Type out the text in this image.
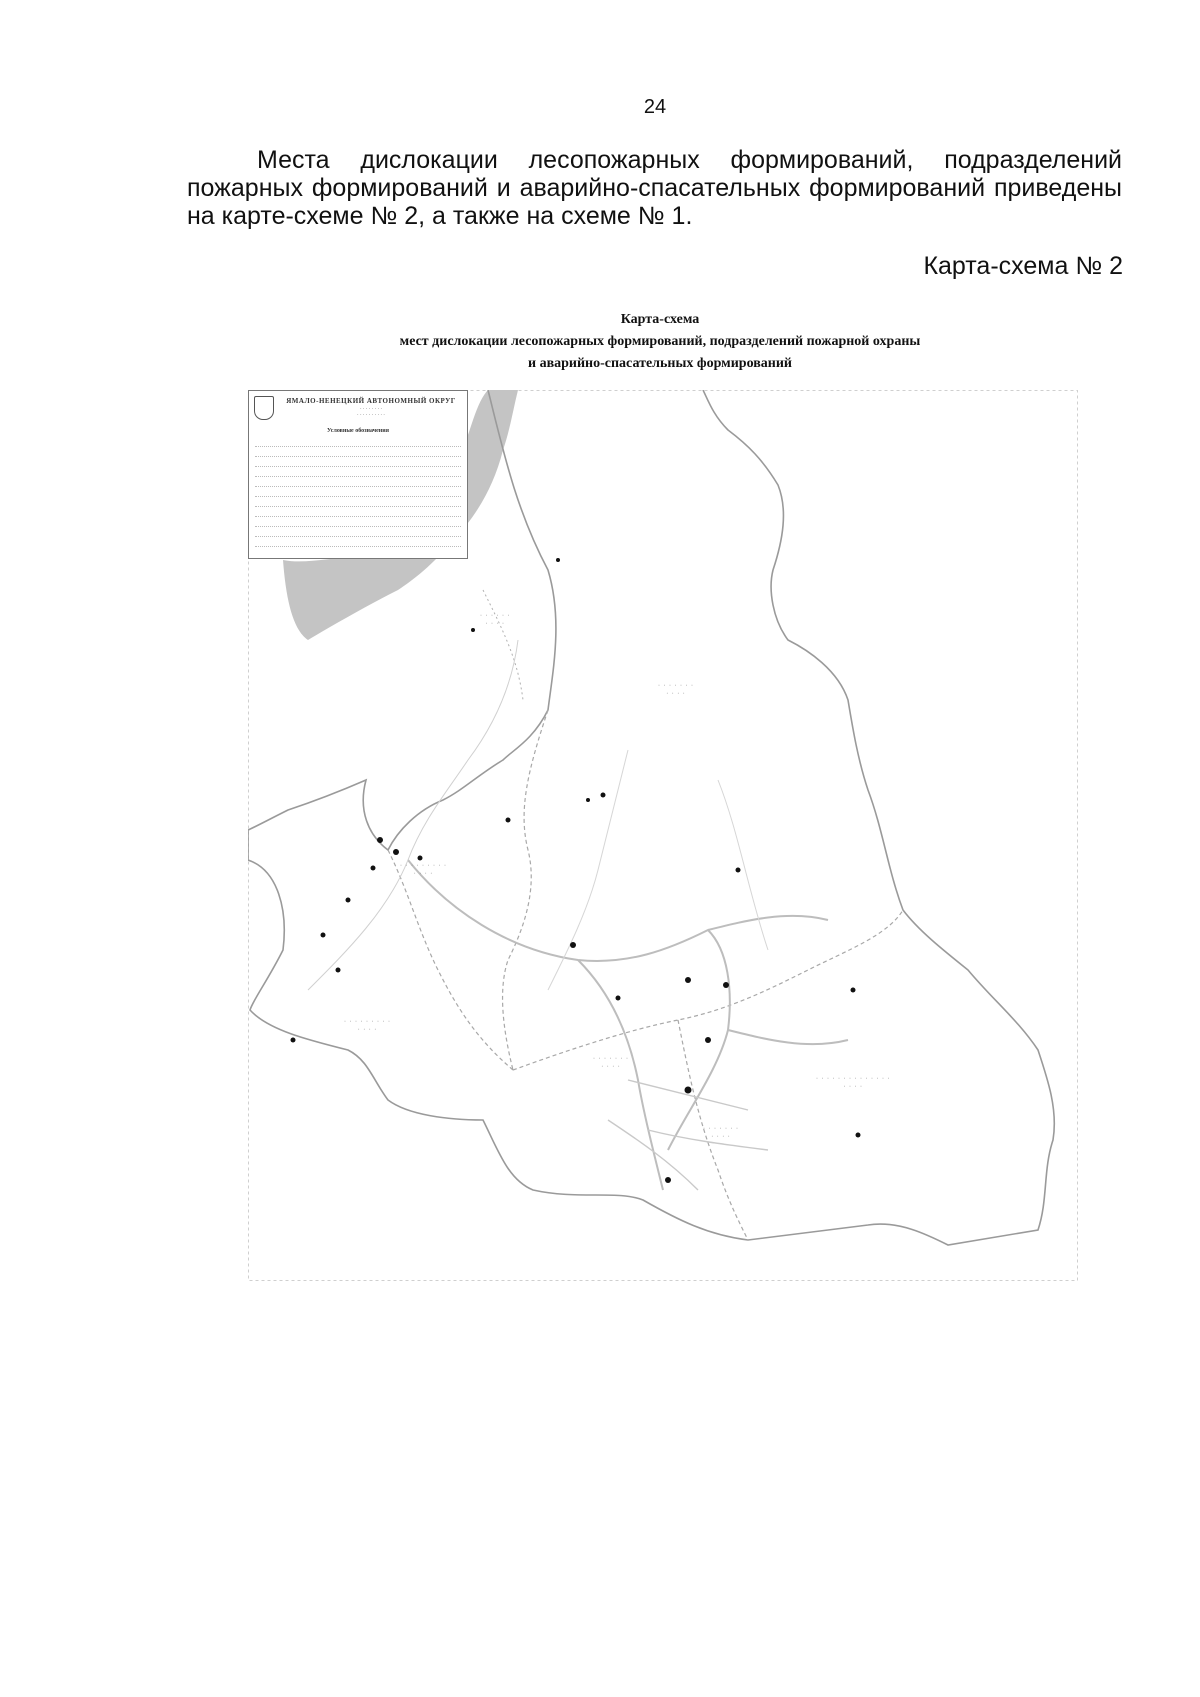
24
Места дислокации лесопожарных формирований, подразделений пожарных формирований и аварийно-спасательных формирований приведены на карте-схеме № 2, а также на схеме № 1.
Карта-схема № 2
Карта-схема
мест дислокации лесопожарных формирований, подразделений пожарной охраны
и аварийно-спасательных формирований
· · · · · ·
· · · ·
· · · · · · ·
· · · ·
· · · · · · · · ·
· · · ·
· · · · · · · · ·
· · · ·
· · · · · · ·
· · · ·
· · · · · · · · · · · · · ·
· · · ·
· · · · · · ·
· · · ·
ЯМАЛО-НЕНЕЦКИЙ АВТОНОМНЫЙ ОКРУГ
· · · · · · · ·
· · · · · · · · · ·
Условные обозначения
